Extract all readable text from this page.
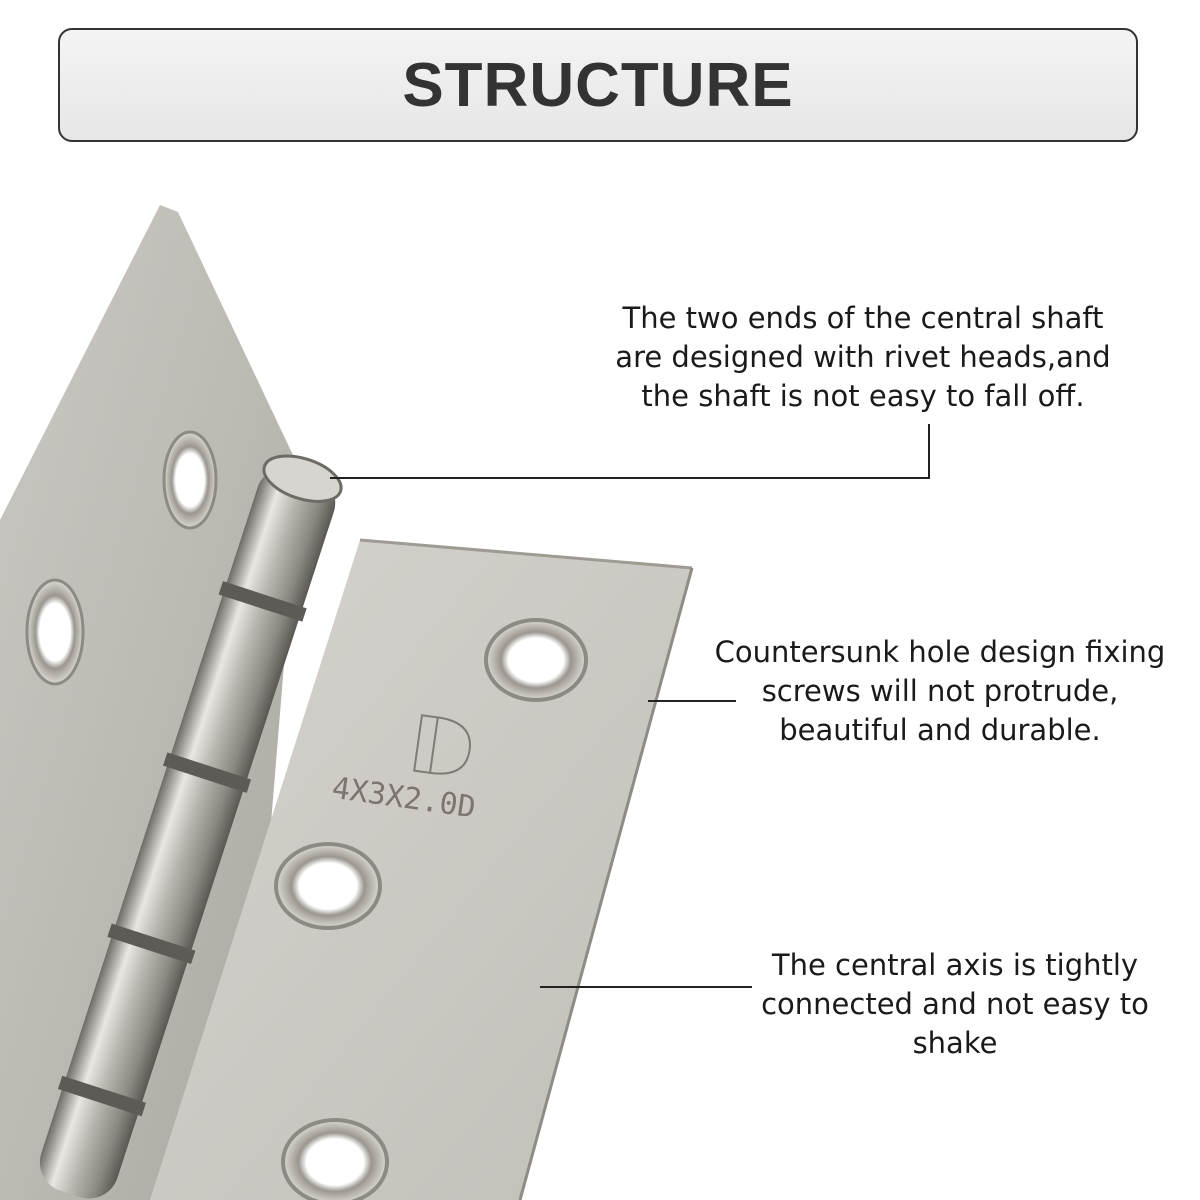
STRUCTURE
4X3X2.0D
The two ends of the central shaft
are designed with rivet heads,and
the shaft is not easy to fall off.
Countersunk hole design fixing
screws will not protrude,
beautiful and durable.
The central axis is tightly
connected and not easy to
shake
